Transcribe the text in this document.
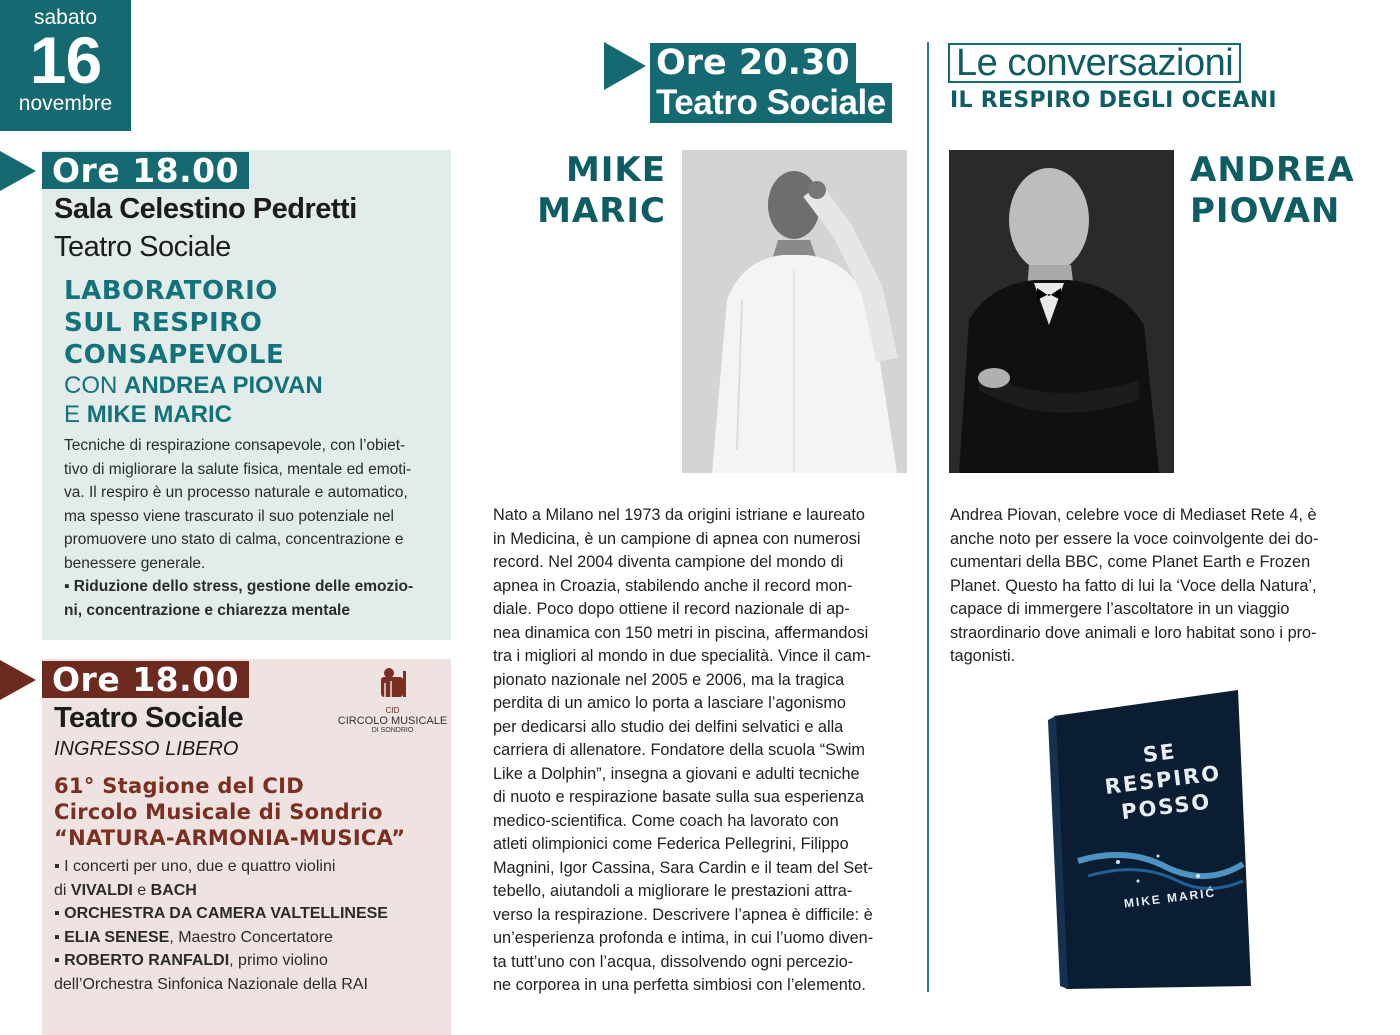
sabato
16
novembre
Ore 18.00
Sala Celestino Pedretti
Teatro Sociale
LABORATORIO
SUL RESPIRO
CONSAPEVOLE
CON ANDREA PIOVAN
E MIKE MARIC
Tecniche di respirazione consapevole, con l’obiet-
tivo di migliorare la salute fisica, mentale ed emoti-
va. Il respiro è un processo naturale e automatico,
ma spesso viene trascurato il suo potenziale nel
promuovere uno stato di calma, concentrazione e
benessere generale.
▪ Riduzione dello stress, gestione delle emozio-
ni, concentrazione e chiarezza mentale
Ore 18.00
Teatro Sociale
INGRESSO LIBERO
CID
CIRCOLO MUSICALE
DI SONDRIO
61° Stagione del CID
Circolo Musicale di Sondrio
“NATURA-ARMONIA-MUSICA”
▪ I concerti per uno, due e quattro violini
di VIVALDI e BACH
▪ ORCHESTRA DA CAMERA VALTELLINESE
▪ ELIA SENESE, Maestro Concertatore
▪ ROBERTO RANFALDI, primo violino
dell’Orchestra Sinfonica Nazionale della RAI
Ore 20.30
Teatro Sociale
MIKE
MARIC
Nato a Milano nel 1973 da origini istriane e laureato
in Medicina, è un campione di apnea con numerosi
record. Nel 2004 diventa campione del mondo di
apnea in Croazia, stabilendo anche il record mon-
diale. Poco dopo ottiene il record nazionale di ap-
nea dinamica con 150 metri in piscina, affermandosi
tra i migliori al mondo in due specialità. Vince il cam-
pionato nazionale nel 2005 e 2006, ma la tragica
perdita di un amico lo porta a lasciare l’agonismo
per dedicarsi allo studio dei delfini selvatici e alla
carriera di allenatore. Fondatore della scuola “Swim
Like a Dolphin”, insegna a giovani e adulti tecniche
di nuoto e respirazione basate sulla sua esperienza
medico-scientifica. Come coach ha lavorato con
atleti olimpionici come Federica Pellegrini, Filippo
Magnini, Igor Cassina, Sara Cardin e il team del Set-
tebello, aiutandoli a migliorare le prestazioni attra-
verso la respirazione. Descrivere l’apnea è difficile: è
un’esperienza profonda e intima, in cui l’uomo diven-
ta tutt’uno con l’acqua, dissolvendo ogni percezio-
ne corporea in una perfetta simbiosi con l’elemento.
Le conversazioni
IL RESPIRO DEGLI OCEANI
ANDREA
PIOVAN
Andrea Piovan, celebre voce di Mediaset Rete 4, è
anche noto per essere la voce coinvolgente dei do-
cumentari della BBC, come Planet Earth e Frozen
Planet. Questo ha fatto di lui la ‘Voce della Natura’,
capace di immergere l’ascoltatore in un viaggio
straordinario dove animali e loro habitat sono i pro-
tagonisti.
SE
RESPIRO
POSSO
MIKE MARIĆ
